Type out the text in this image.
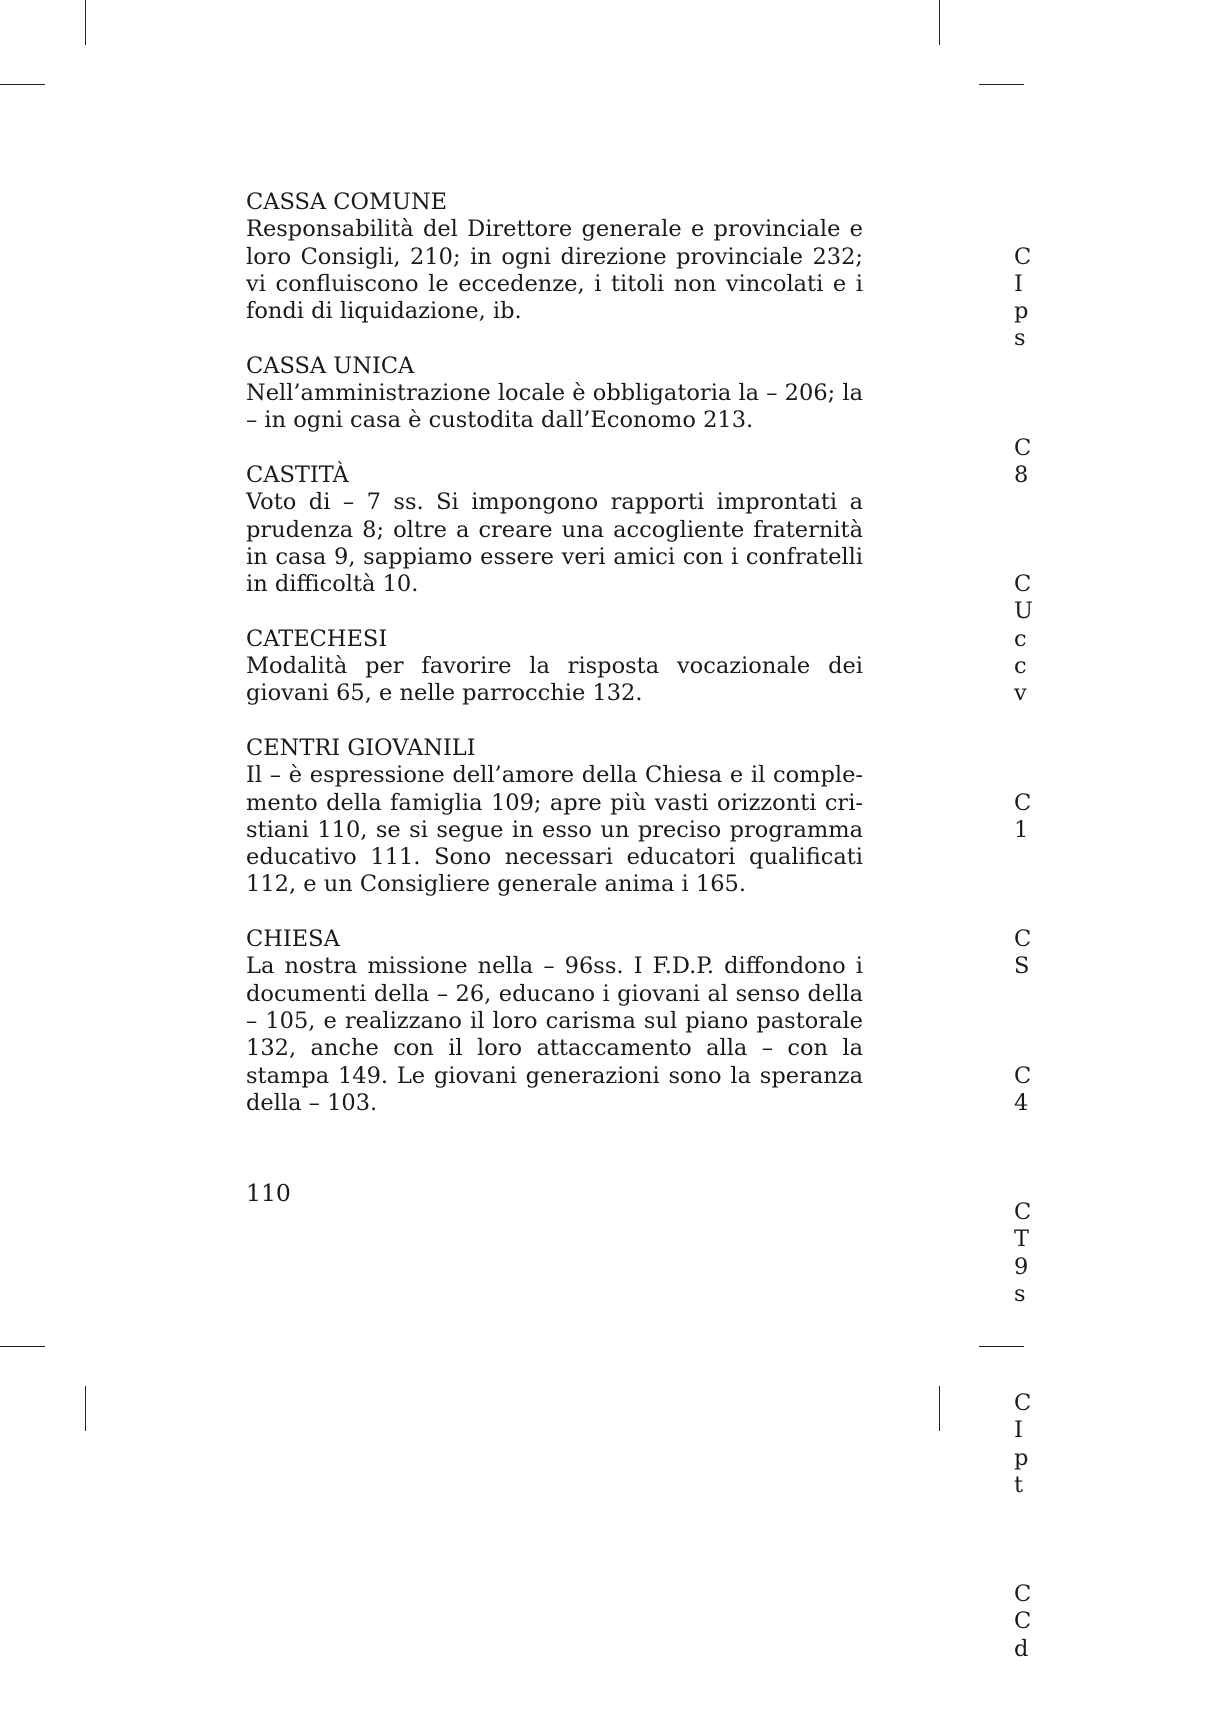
CASSA COMUNE
Responsabilità del Direttore generale e provinciale e loro Consigli, 210; in ogni direzione provinciale 232; vi confluiscono le eccedenze, i titoli non vincolati e i fondi di liquidazione, ib.
CASSA UNICA
Nell’amministrazione locale è obbligatoria la – 206; la – in ogni casa è custodita dall’Economo 213.
CASTITÀ
Voto di – 7 ss. Si impongono rapporti improntati a prudenza 8; oltre a creare una accogliente fraternità in casa 9, sappiamo essere veri amici con i confratelli in difficoltà 10.
CATECHESI
Modalità per favorire la risposta vocazionale dei giovani 65, e nelle parrocchie 132.
CENTRI GIOVANILI
Il – è espressione dell’amore della Chiesa e il complemento della famiglia 109; apre più vasti orizzonti cristiani 110, se si segue in esso un preciso programma educativo 111. Sono necessari educatori qualificati 112, e un Consigliere generale anima i 165.
CHIESA
La nostra missione nella – 96ss. I F.D.P. diffondono i documenti della – 26, educano i giovani al senso della – 105, e realizzano il loro carisma sul piano pastorale 132, anche con il loro attaccamento alla – con la stampa 149. Le giovani generazioni sono la speranza della – 103.

C
I
p
s

C
8

C
U
c
c
v

C
1

C
S

C
4

C
T
9
s

C
I
p
t

C
C
d

110
